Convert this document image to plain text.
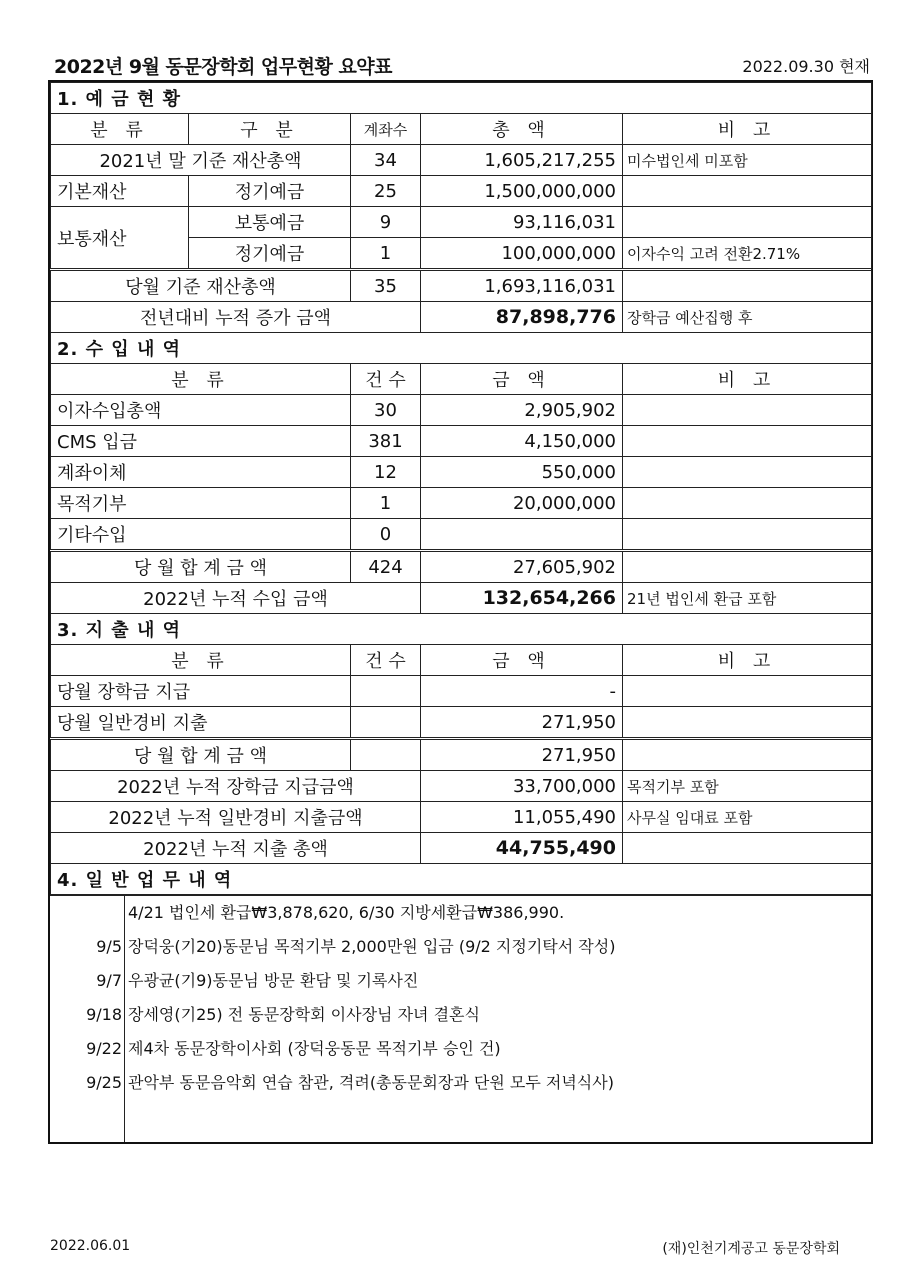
2022년 9월 동문장학회 업무현황 요약표	2022.09.30 현재
1. 예 금 현 황				
분 류	구 분	계좌수	총 액	비 고
2021년 말 기준 재산총액		34	1,605,217,255	미수법인세 미포함
기본재산	정기예금	25	1,500,000,000	
보통재산	보통예금	9	93,116,031	
	정기예금	1	100,000,000	이자수익 고려 전환2.71%
당월 기준 재산총액		35	1,693,116,031	
전년대비 누적 증가 금액			87,898,776	장학금 예산집행 후
2. 수 입 내 역				
분 류		건 수	금 액	비 고
이자수입총액		30	2,905,902	
CMS 입금		381	4,150,000	
계좌이체		12	550,000	
목적기부		1	20,000,000	
기타수입		0		
당 월 합 계 금 액		424	27,605,902	
2022년 누적 수입 금액			132,654,266	21년 법인세 환급 포함
3. 지 출 내 역				
분 류		건 수	금 액	비 고
당월 장학금 지급			-	
당월 일반경비 지출			271,950	
당 월 합 계 금 액			271,950	
2022년 누적 장학금 지급금액			33,700,000	목적기부 포함
2022년 누적 일반경비 지출금액			11,055,490	사무실 임대료 포함
2022년 누적 지출 총액			44,755,490	
4. 일 반 업 무 내 역				
4/21 법인세 환급₩3,878,620, 6/30 지방세환급₩386,990.
9/5 장덕웅(기20)동문님 목적기부 2,000만원 입금 (9/2 지정기탁서 작성)
9/7 우광균(기9)동문님 방문 환담 및 기록사진
9/18 장세영(기25) 전 동문장학회 이사장님 자녀 결혼식
9/22 제4차 동문장학이사회 (장덕웅동문 목적기부 승인 건)
9/25 관악부 동문음악회 연습 참관, 격려(총동문회장과 단원 모두 저녁식사)
2022.06.01	(재)인천기계공고 동문장학회
